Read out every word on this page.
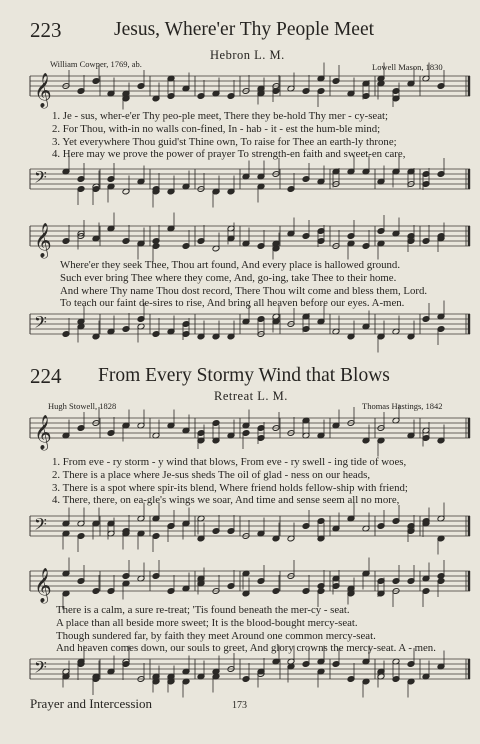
223	Jesus, Where'er Thy People Meet
Hebron L. M.
William Cowper, 1769, ab.	Lowell Mason, 1830
𝄞
1. Je - sus, wher-e'er Thy peo-ple meet, There they be-hold Thy mer - cy-seat;
2. For Thou, with-in no walls con-fined, In - hab - it - est the hum-ble mind;
3. Yet everywhere Thou guid'st Thine own, To raise for Thee an earth-ly throne;
4. Here may we prove the power of prayer To strength-en faith and sweet-en care,
𝄢
𝄞
Where'er they seek Thee, Thou art found, And every place is hallowed ground.
Such ever bring Thee where they come, And, go-ing, take Thee to their home.
And where Thy name Thou dost record, There Thou wilt come and bless them, Lord.
To teach our faint de-sires to rise, And bring all heaven before our eyes. A-men.
𝄢
224 From Every Stormy Wind that Blows
Retreat L. M.
Hugh Stowell, 1828	Thomas Hastings, 1842
𝄞
1. From eve - ry storm - y wind that blows, From eve - ry swell - ing tide of woes,
2. There is a place where Je-sus sheds The oil of glad - ness on our heads,
3. There is a spot where spir-its blend, Where friend holds fellow-ship with friend;
4. There, there, on ea-gle's wings we soar, And time and sense seem all no more,
𝄢
𝄞
There is a calm, a sure re-treat; 'Tis found beneath the mer-cy - seat.
A place than all beside more sweet; It is the blood-bought mercy-seat.
Though sundered far, by faith they meet Around one common mercy-seat.
And heaven comes down, our souls to greet, And glory crowns the mercy-seat. A - men.
𝄢
Prayer and Intercession	173
